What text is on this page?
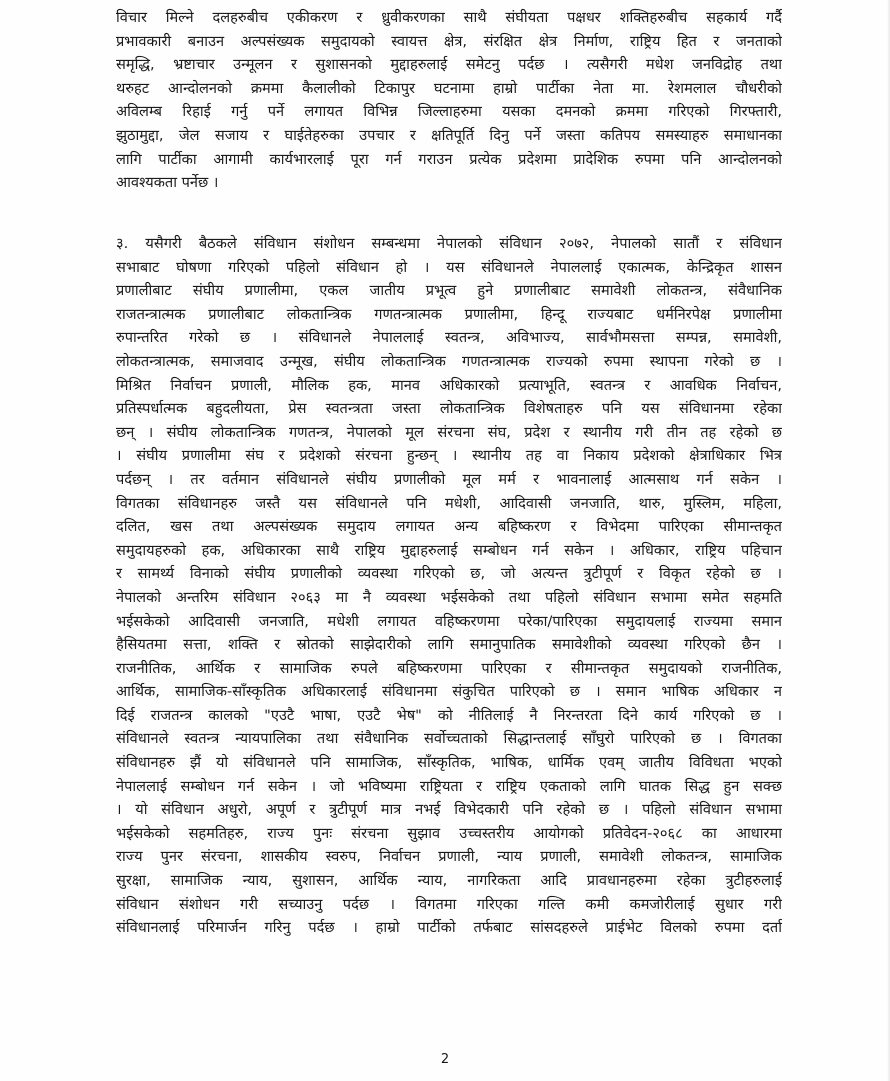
विचार मिल्ने दलहरुबीच एकीकरण र ध्रुवीकरणका साथै संघीयता पक्षधर शक्तिहरुबीच सहकार्य गर्दै
प्रभावकारी बनाउन अल्पसंख्यक समुदायको स्वायत्त क्षेत्र, संरक्षित क्षेत्र निर्माण, राष्ट्रिय हित र जनताको
समृद्धि, भ्रष्टाचार उन्मूलन र सुशासनको मुद्दाहरुलाई समेटनु पर्दछ । त्यसैगरी मधेश जनविद्रोह तथा
थरुहट आन्दोलनको क्रममा कैलालीको टिकापुर घटनामा हाम्रो पार्टीका नेता मा. रेशमलाल चौधरीको
अविलम्ब रिहाई गर्नु पर्ने लगायत विभिन्न जिल्लाहरुमा यसका दमनको क्रममा गरिएको गिरफ्तारी,
झुठामुद्दा, जेल सजाय र घाईतेहरुका उपचार र क्षतिपूर्ति दिनु पर्ने जस्ता कतिपय समस्याहरु समाधानका
लागि पार्टीका आगामी कार्यभारलाई पूरा गर्न गराउन प्रत्येक प्रदेशमा प्रादेशिक रुपमा पनि आन्दोलनको
आवश्यकता पर्नेछ ।
३. यसैगरी बैठकले संविधान संशोधन सम्बन्धमा नेपालको संविधान २०७२, नेपालको सातौं र संविधान
सभाबाट घोषणा गरिएको पहिलो संविधान हो । यस संविधानले नेपाललाई एकात्मक, केन्द्रिकृत शासन
प्रणालीबाट संघीय प्रणालीमा, एकल जातीय प्रभूत्व हुने प्रणालीबाट समावेशी लोकतन्त्र, संवैधानिक
राजतन्त्रात्मक प्रणालीबाट लोकतान्त्रिक गणतन्त्रात्मक प्रणालीमा, हिन्दू राज्यबाट धर्मनिरपेक्ष प्रणालीमा
रुपान्तरित गरेको छ । संविधानले नेपाललाई स्वतन्त्र, अविभाज्य, सार्वभौमसत्ता सम्पन्न, समावेशी,
लोकतन्त्रात्मक, समाजवाद उन्मूख, संघीय लोकतान्त्रिक गणतन्त्रात्मक राज्यको रुपमा स्थापना गरेको छ ।
मिश्रित निर्वाचन प्रणाली, मौलिक हक, मानव अधिकारको प्रत्याभूति, स्वतन्त्र र आवधिक निर्वाचन,
प्रतिस्पर्धात्मक बहुदलीयता, प्रेस स्वतन्त्रता जस्ता लोकतान्त्रिक विशेषताहरु पनि यस संविधानमा रहेका
छन् । संघीय लोकतान्त्रिक गणतन्त्र, नेपालको मूल संरचना संघ, प्रदेश र स्थानीय गरी तीन तह रहेको छ
। संघीय प्रणालीमा संघ र प्रदेशको संरचना हुन्छन् । स्थानीय तह वा निकाय प्रदेशको क्षेत्राधिकार भित्र
पर्दछन् । तर वर्तमान संविधानले संघीय प्रणालीको मूल मर्म र भावनालाई आत्मसाथ गर्न सकेन ।
विगतका संविधानहरु जस्तै यस संविधानले पनि मधेशी, आदिवासी जनजाति, थारु, मुस्लिम, महिला,
दलित, खस तथा अल्पसंख्यक समुदाय लगायत अन्य बहिष्करण र विभेदमा पारिएका सीमान्तकृत
समुदायहरुको हक, अधिकारका साथै राष्ट्रिय मुद्दाहरुलाई सम्बोधन गर्न सकेन । अधिकार, राष्ट्रिय पहिचान
र सामर्थ्य विनाको संघीय प्रणालीको व्यवस्था गरिएको छ, जो अत्यन्त त्रुटीपूर्ण र विकृत रहेको छ ।
नेपालको अन्तरिम संविधान २०६३ मा नै व्यवस्था भईसकेको तथा पहिलो संविधान सभामा समेत सहमति
भईसकेको आदिवासी जनजाति, मधेशी लगायत वहिष्करणमा परेका/पारिएका समुदायलाई राज्यमा समान
हैसियतमा सत्ता, शक्ति र स्रोतको साझेदारीको लागि समानुपातिक समावेशीको व्यवस्था गरिएको छैन ।
राजनीतिक, आर्थिक र सामाजिक रुपले बहिष्करणमा पारिएका र सीमान्तकृत समुदायको राजनीतिक,
आर्थिक, सामाजिक-साँस्कृतिक अधिकारलाई संविधानमा संकुचित पारिएको छ । समान भाषिक अधिकार न
दिई राजतन्त्र कालको "एउटै भाषा, एउटै भेष" को नीतिलाई नै निरन्तरता दिने कार्य गरिएको छ ।
संविधानले स्वतन्त्र न्यायपालिका तथा संवैधानिक सर्वोच्चताको सिद्धान्तलाई साँघुरो पारिएको छ । विगतका
संविधानहरु झैं यो संविधानले पनि सामाजिक, साँस्कृतिक, भाषिक, धार्मिक एवम् जातीय विविधता भएको
नेपाललाई सम्बोधन गर्न सकेन । जो भविष्यमा राष्ट्रियता र राष्ट्रिय एकताको लागि घातक सिद्ध हुन सक्छ
। यो संविधान अधुरो, अपूर्ण र त्रुटीपूर्ण मात्र नभई विभेदकारी पनि रहेको छ । पहिलो संविधान सभामा
भईसकेको सहमतिहरु, राज्य पुनः संरचना सुझाव उच्चस्तरीय आयोगको प्रतिवेदन-२०६८ का आधारमा
राज्य पुनर संरचना, शासकीय स्वरुप, निर्वाचन प्रणाली, न्याय प्रणाली, समावेशी लोकतन्त्र, सामाजिक
सुरक्षा, सामाजिक न्याय, सुशासन, आर्थिक न्याय, नागरिकता आदि प्रावधानहरुमा रहेका त्रुटीहरुलाई
संविधान संशोधन गरी सच्याउनु पर्दछ । विगतमा गरिएका गल्ति कमी कमजोरीलाई सुधार गरी
संविधानलाई परिमार्जन गरिनु पर्दछ । हाम्रो पार्टीको तर्फबाट सांसदहरुले प्राईभेट विलको रुपमा दर्ता
2
